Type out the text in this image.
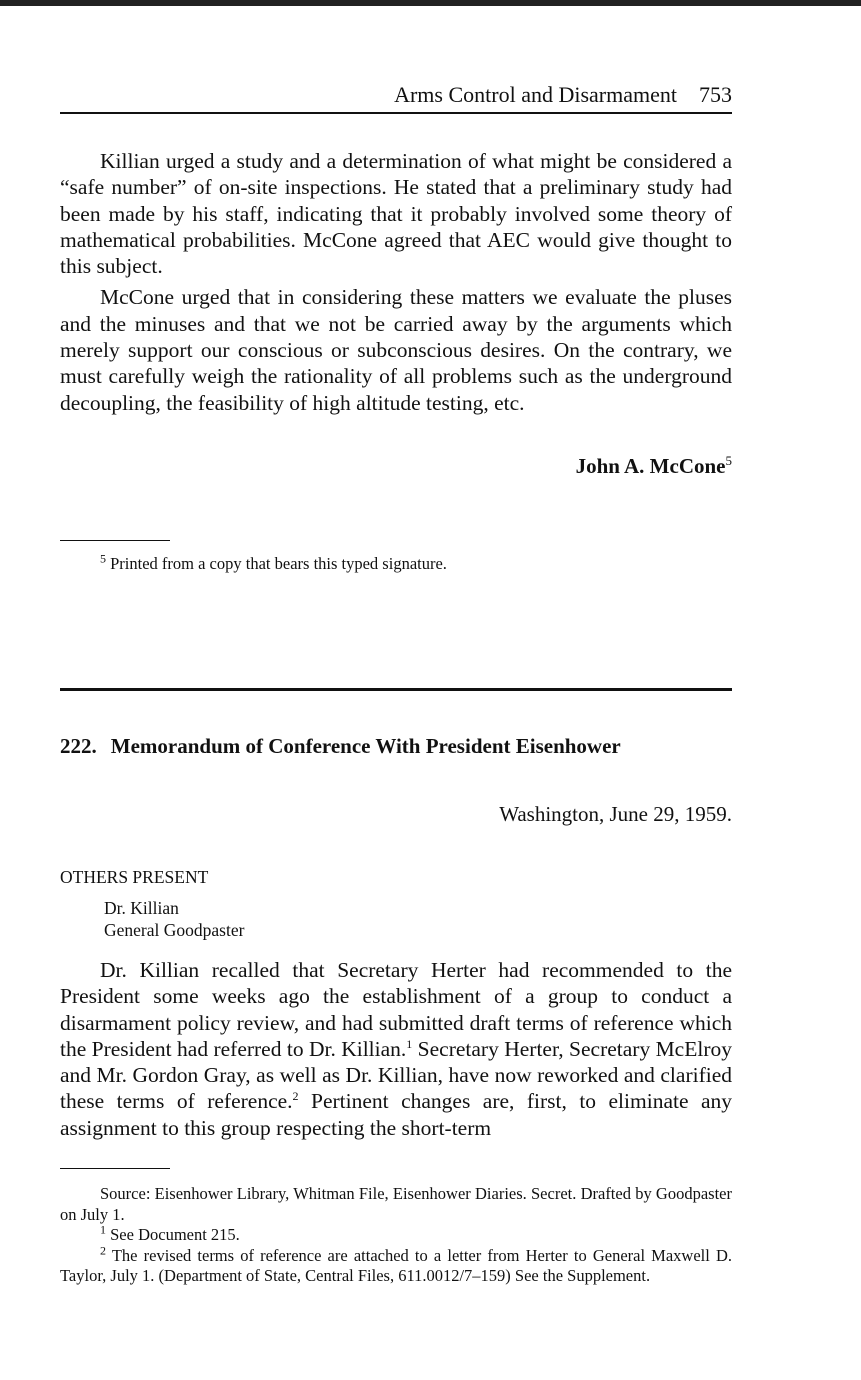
Arms Control and Disarmament 753

Killian urged a study and a determination of what might be considered a “safe number” of on-site inspections. He stated that a preliminary study had been made by his staff, indicating that it probably involved some theory of mathematical probabilities. McCone agreed that AEC would give thought to this subject.

McCone urged that in considering these matters we evaluate the pluses and the minuses and that we not be carried away by the arguments which merely support our conscious or subconscious desires. On the contrary, we must carefully weigh the rationality of all problems such as the underground decoupling, the feasibility of high altitude testing, etc.

John A. McCone$^5$

$^5$ Printed from a copy that bears this typed signature.

222. Memorandum of Conference With President Eisenhower
Washington, June 29, 1959.
OTHERS PRESENT
Dr. Killian
General Goodpaster

Dr. Killian recalled that Secretary Herter had recommended to the President some weeks ago the establishment of a group to conduct a disarmament policy review, and had submitted draft terms of reference which the President had referred to Dr. Killian.$^1$ Secretary Herter, Secretary McElroy and Mr. Gordon Gray, as well as Dr. Killian, have now reworked and clarified these terms of reference.$^2$ Pertinent changes are, first, to eliminate any assignment to this group respecting the short-term

Source: Eisenhower Library, Whitman File, Eisenhower Diaries. Secret. Drafted by Goodpaster on July 1.

$^1$ See Document 215.

$^2$ The revised terms of reference are attached to a letter from Herter to General Maxwell D. Taylor, July 1. (Department of State, Central Files, 611.0012/7–159) See the Supplement.
